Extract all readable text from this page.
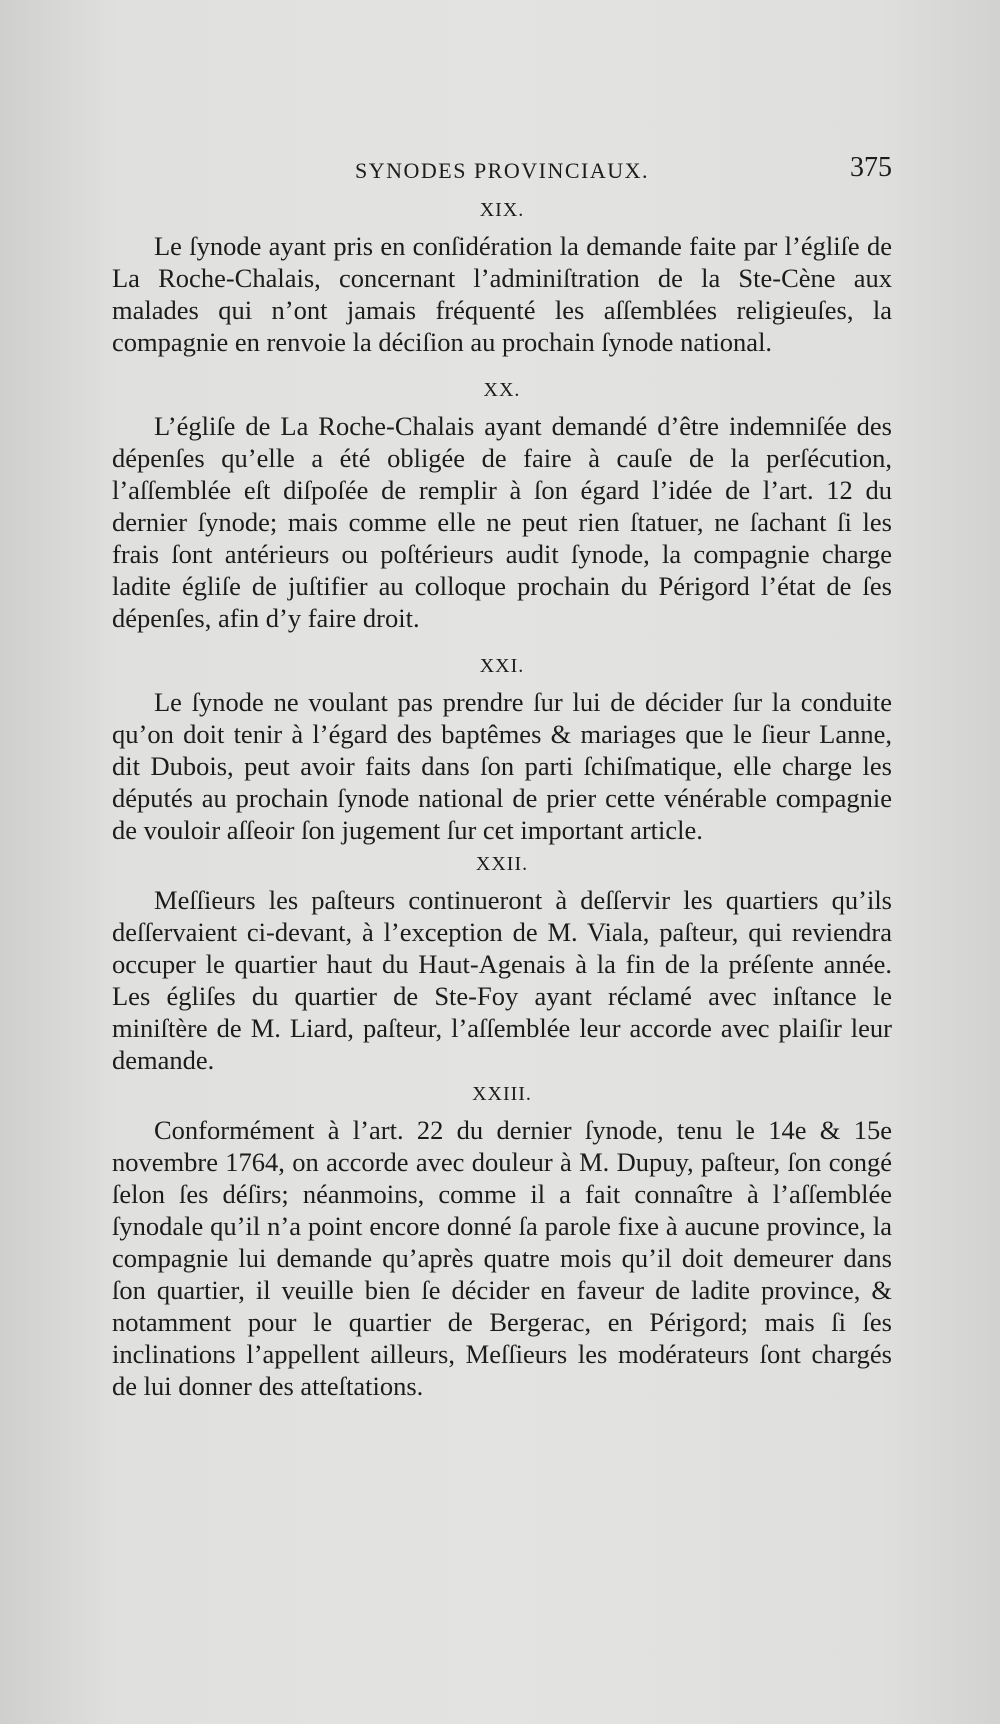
SYNODES PROVINCIAUX.	375

XIX.

Le ſynode ayant pris en conſidération la demande faite par l’égliſe de La Roche-Chalais, concernant l’adminiſtration de la Ste-Cène aux malades qui n’ont jamais fréquenté les aſſemblées religieuſes, la compagnie en renvoie la déciſion au prochain ſynode national.

XX.

L’égliſe de La Roche-Chalais ayant demandé d’être indemniſée des dépenſes qu’elle a été obligée de faire à cauſe de la perſécution, l’aſſemblée eſt diſpoſée de remplir à ſon égard l’idée de l’art. 12 du dernier ſynode; mais comme elle ne peut rien ſtatuer, ne ſachant ſi les frais ſont antérieurs ou poſtérieurs audit ſynode, la compagnie charge ladite égliſe de juſtifier au colloque prochain du Périgord l’état de ſes dépenſes, afin d’y faire droit.

XXI.

Le ſynode ne voulant pas prendre ſur lui de décider ſur la conduite qu’on doit tenir à l’égard des baptêmes & mariages que le ſieur Lanne, dit Dubois, peut avoir faits dans ſon parti ſchiſmatique, elle charge les députés au prochain ſynode national de prier cette vénérable compagnie de vouloir aſſeoir ſon jugement ſur cet important article.

XXII.

Meſſieurs les paſteurs continueront à deſſervir les quartiers qu’ils deſſervaient ci-devant, à l’exception de M. Viala, paſteur, qui reviendra occuper le quartier haut du Haut-Agenais à la fin de la préſente année. Les égliſes du quartier de Ste-Foy ayant réclamé avec inſtance le miniſtère de M. Liard, paſteur, l’aſſemblée leur accorde avec plaiſir leur demande.

XXIII.

Conformément à l’art. 22 du dernier ſynode, tenu le 14e & 15e novembre 1764, on accorde avec douleur à M. Dupuy, paſteur, ſon congé ſelon ſes déſirs; néanmoins, comme il a fait connaître à l’aſſemblée ſynodale qu’il n’a point encore donné ſa parole fixe à aucune province, la compagnie lui demande qu’après quatre mois qu’il doit demeurer dans ſon quartier, il veuille bien ſe décider en faveur de ladite province, & notamment pour le quartier de Bergerac, en Périgord; mais ſi ſes inclinations l’appellent ailleurs, Meſſieurs les modérateurs ſont chargés de lui donner des atteſtations.
